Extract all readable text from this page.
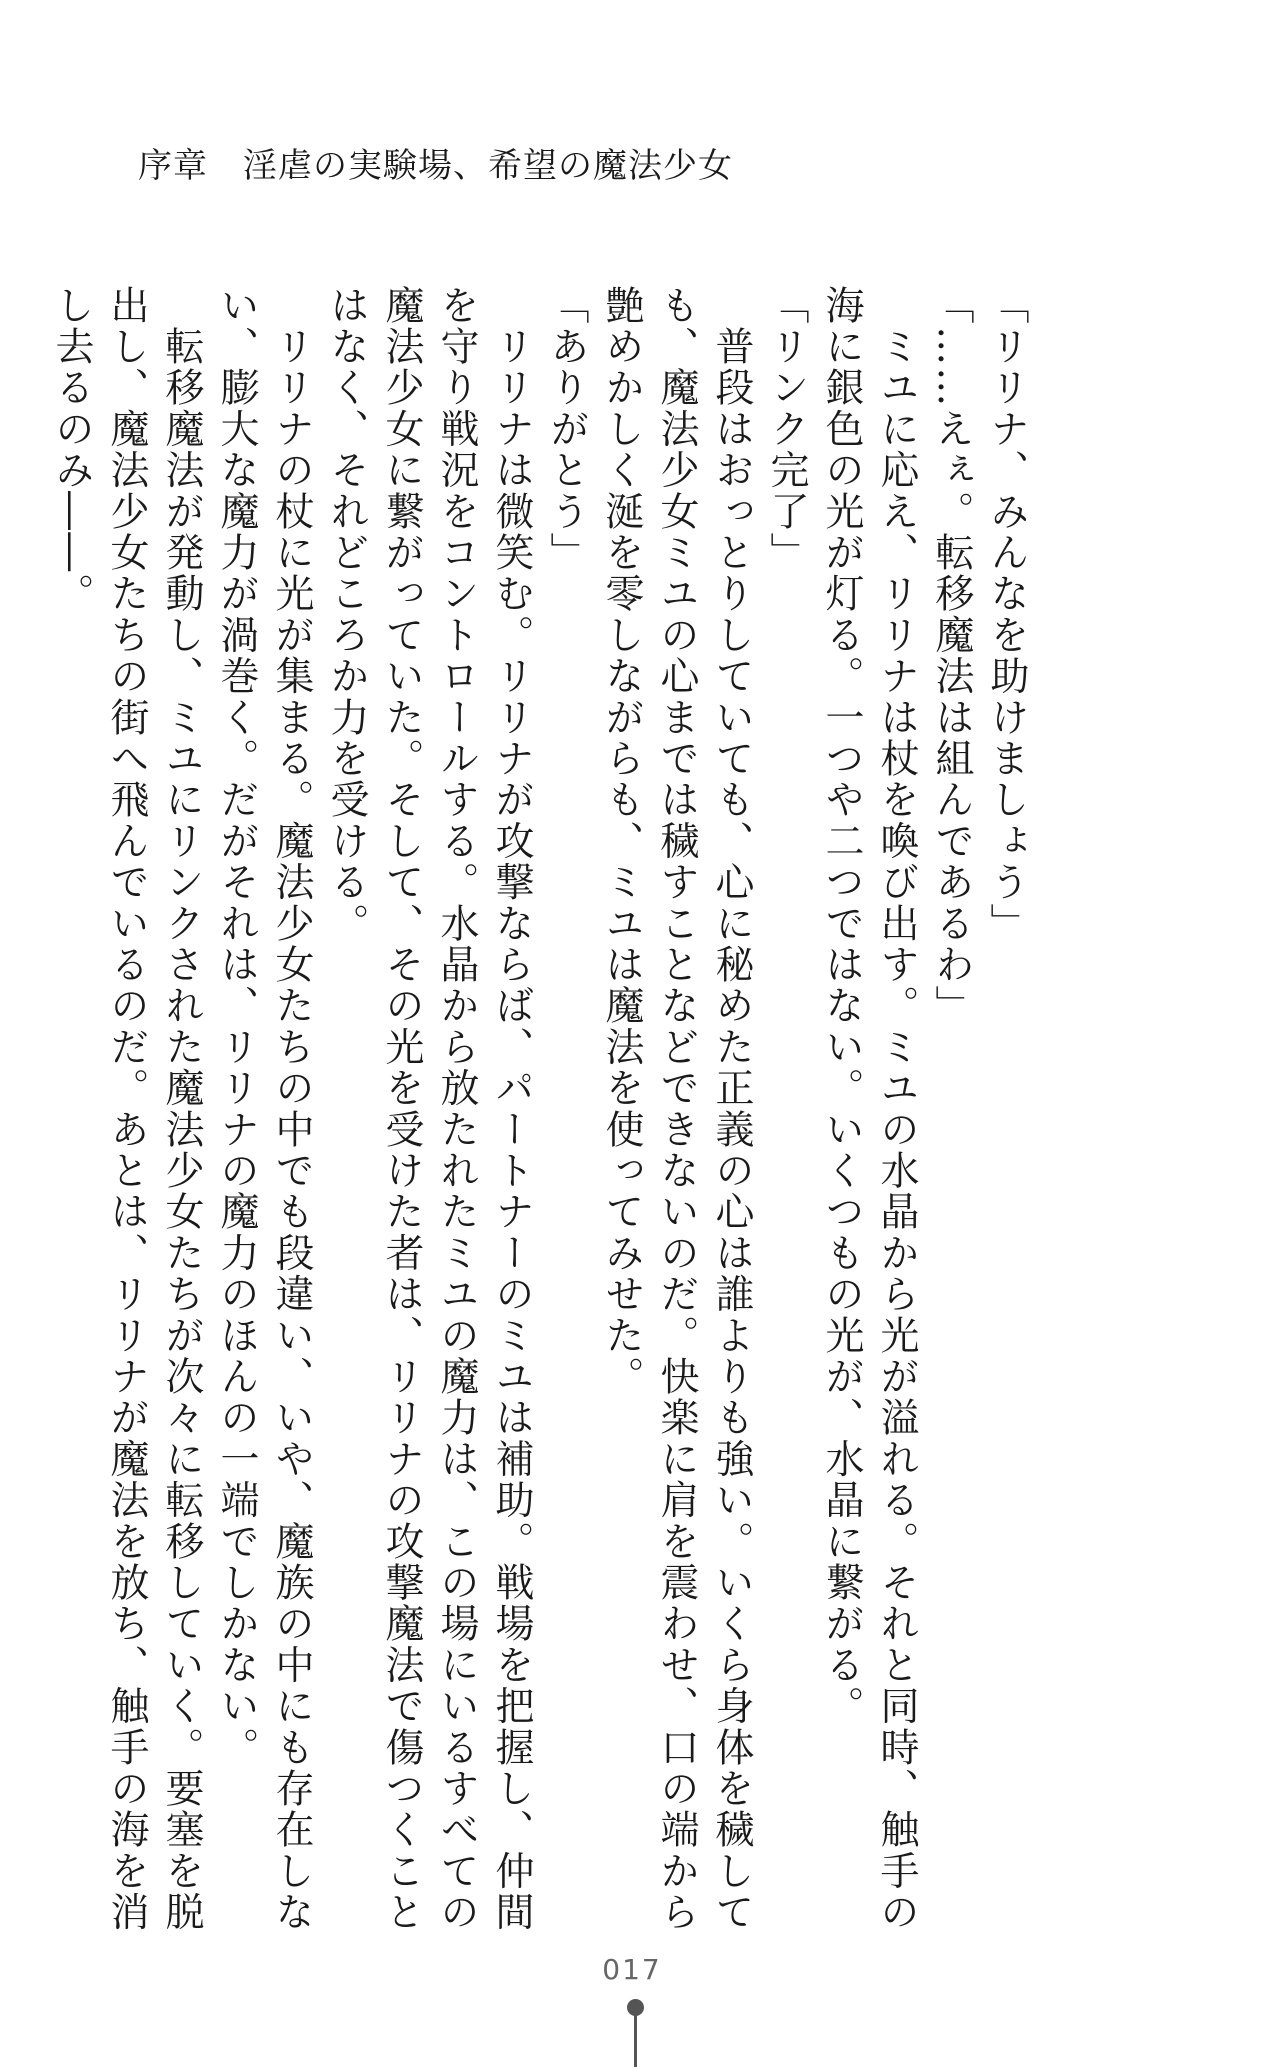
序章　淫虐の実験場、希望の魔法少女
「リリナ、みんなを助けましょう」
「……えぇ。転移魔法は組んであるわ」
　ミユに応え、リリナは杖を喚び出す。ミユの水晶から光が溢れる。それと同時、触手の
海に銀色の光が灯る。一つや二つではない。いくつもの光が、水晶に繋がる。
「リンク完了」
　普段はおっとりしていても、心に秘めた正義の心は誰よりも強い。いくら身体を穢して
も、魔法少女ミユの心までは穢すことなどできないのだ。快楽に肩を震わせ、口の端から
艶めかしく涎を零しながらも、ミユは魔法を使ってみせた。
「ありがとう」
　リリナは微笑む。リリナが攻撃ならば、パートナーのミユは補助。戦場を把握し、仲間
を守り戦況をコントロールする。水晶から放たれたミユの魔力は、この場にいるすべての
魔法少女に繋がっていた。そして、その光を受けた者は、リリナの攻撃魔法で傷つくこと
はなく、それどころか力を受ける。
　リリナの杖に光が集まる。魔法少女たちの中でも段違い、いや、魔族の中にも存在しな
い、膨大な魔力が渦巻く。だがそれは、リリナの魔力のほんの一端でしかない。
　転移魔法が発動し、ミユにリンクされた魔法少女たちが次々に転移していく。要塞を脱
出し、魔法少女たちの街へ飛んでいるのだ。あとは、リリナが魔法を放ち、触手の海を消
し去るのみ――。
017
